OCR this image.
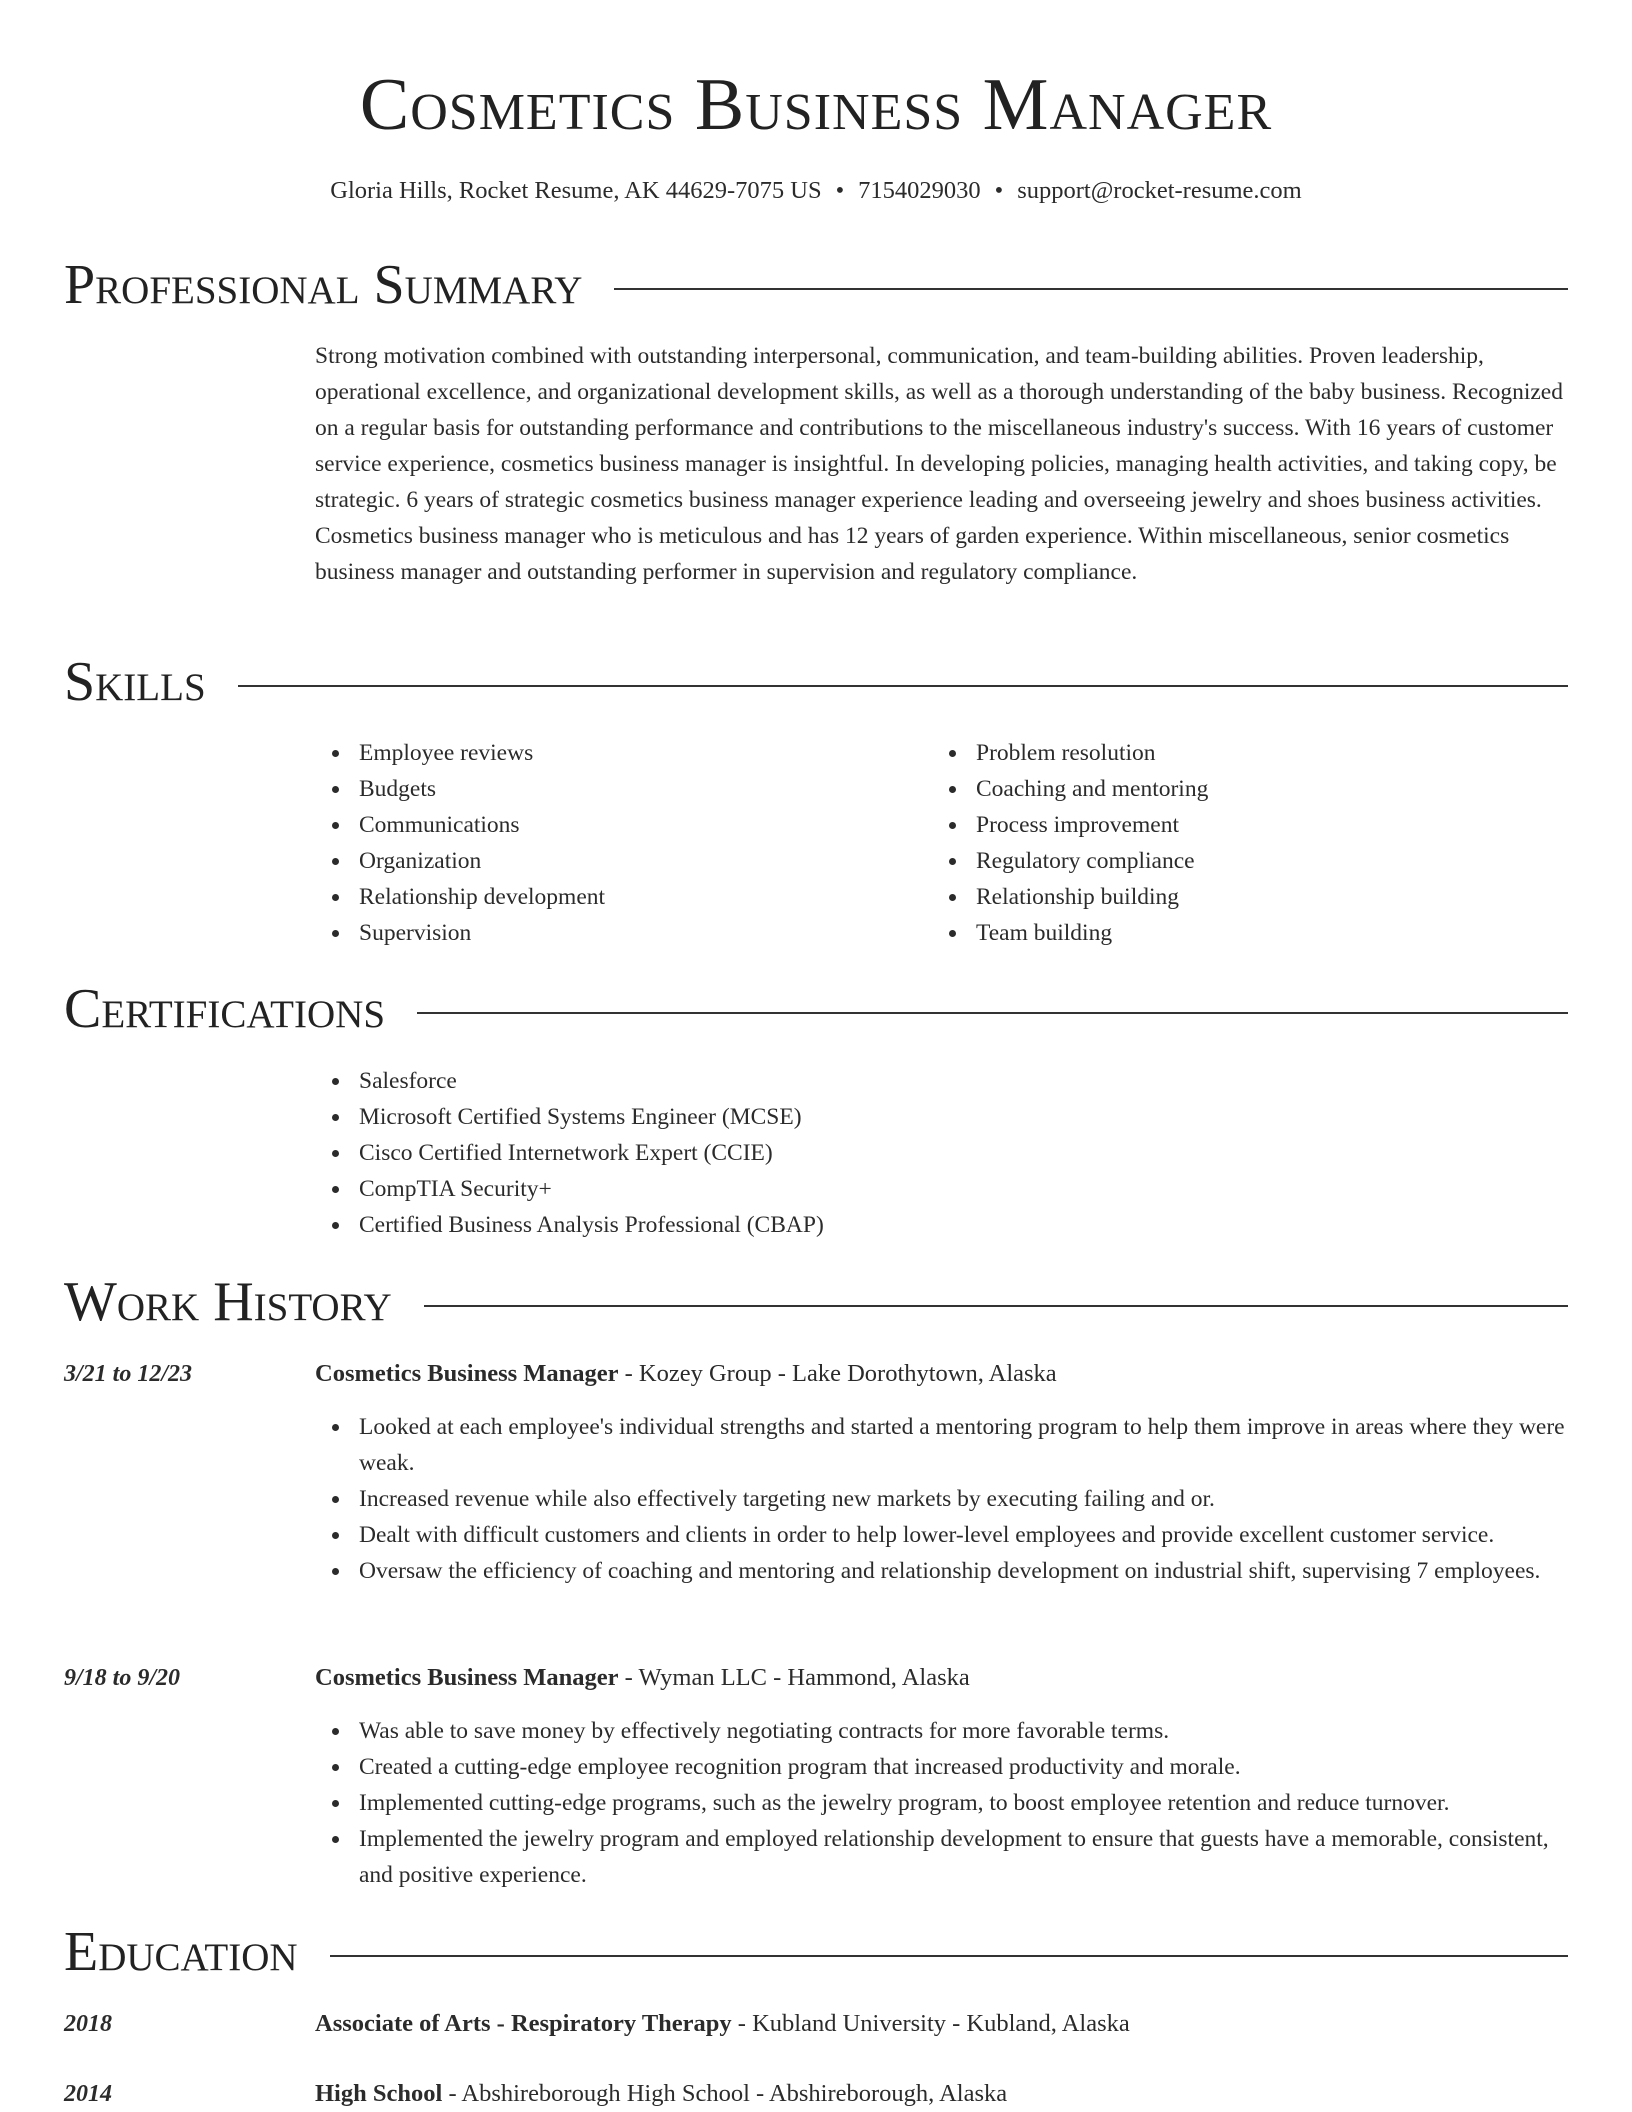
Cosmetics Business Manager
Gloria Hills, Rocket Resume, AK 44629-7075 US • 7154029030 • support@rocket-resume.com
Professional Summary
Strong motivation combined with outstanding interpersonal, communication, and team-building abilities. Proven leadership, operational excellence, and organizational development skills, as well as a thorough understanding of the baby business. Recognized on a regular basis for outstanding performance and contributions to the miscellaneous industry's success. With 16 years of customer service experience, cosmetics business manager is insightful. In developing policies, managing health activities, and taking copy, be strategic. 6 years of strategic cosmetics business manager experience leading and overseeing jewelry and shoes business activities. Cosmetics business manager who is meticulous and has 12 years of garden experience. Within miscellaneous, senior cosmetics business manager and outstanding performer in supervision and regulatory compliance.
Skills
Employee reviews
Budgets
Communications
Organization
Relationship development
Supervision
Problem resolution
Coaching and mentoring
Process improvement
Regulatory compliance
Relationship building
Team building
Certifications
Salesforce
Microsoft Certified Systems Engineer (MCSE)
Cisco Certified Internetwork Expert (CCIE)
CompTIA Security+
Certified Business Analysis Professional (CBAP)
Work History
3/21 to 12/23	Cosmetics Business Manager - Kozey Group - Lake Dorothytown, Alaska
Looked at each employee's individual strengths and started a mentoring program to help them improve in areas where they were weak.
Increased revenue while also effectively targeting new markets by executing failing and or.
Dealt with difficult customers and clients in order to help lower-level employees and provide excellent customer service.
Oversaw the efficiency of coaching and mentoring and relationship development on industrial shift, supervising 7 employees.
9/18 to 9/20	Cosmetics Business Manager - Wyman LLC - Hammond, Alaska
Was able to save money by effectively negotiating contracts for more favorable terms.
Created a cutting-edge employee recognition program that increased productivity and morale.
Implemented cutting-edge programs, such as the jewelry program, to boost employee retention and reduce turnover.
Implemented the jewelry program and employed relationship development to ensure that guests have a memorable, consistent, and positive experience.
Education
2018	Associate of Arts - Respiratory Therapy - Kubland University - Kubland, Alaska
2014	High School - Abshireborough High School - Abshireborough, Alaska
